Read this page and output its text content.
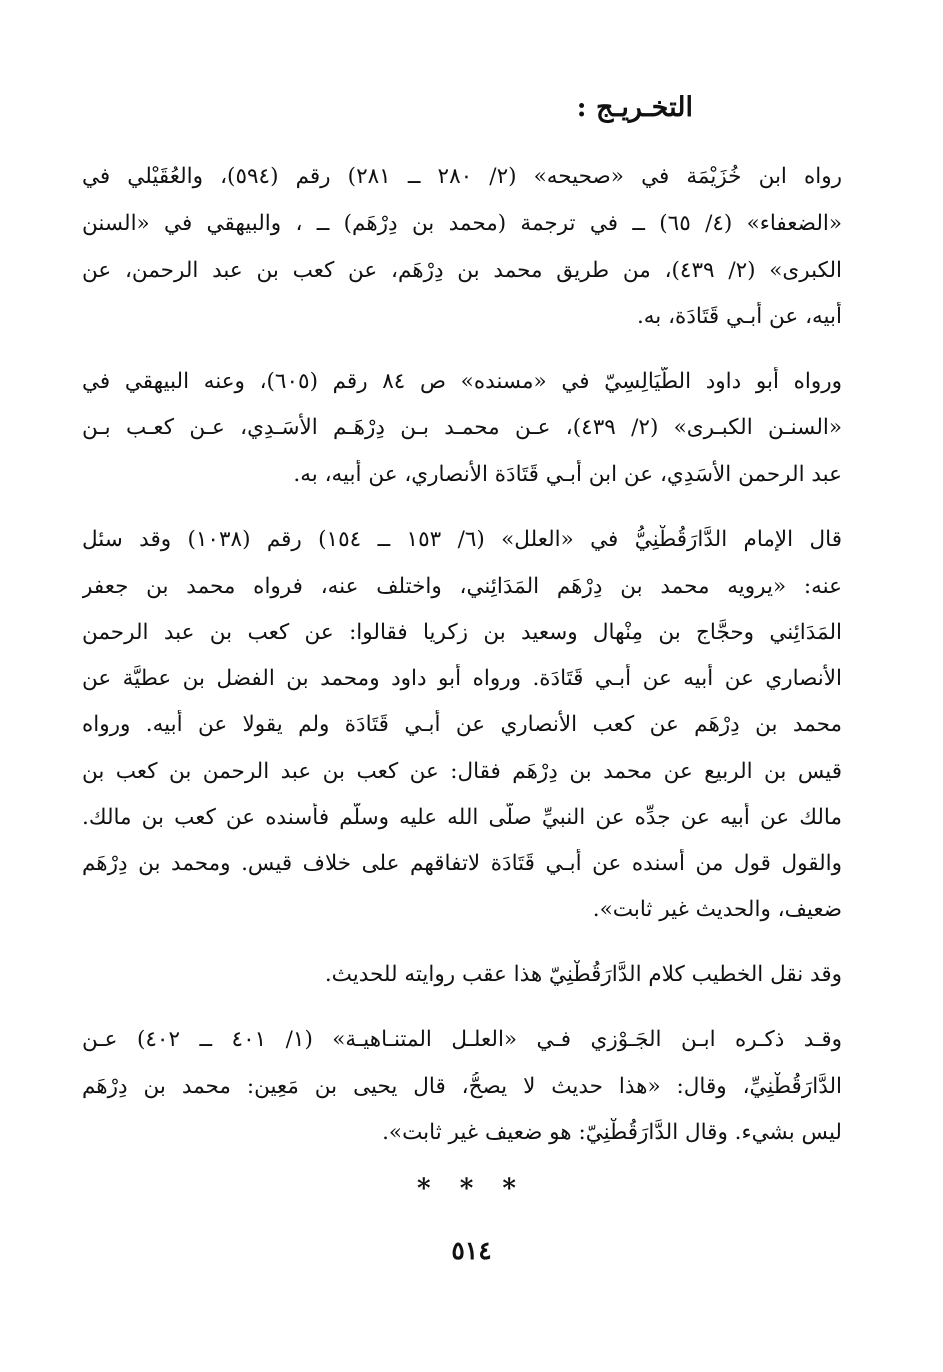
التخـريـج :
رواه ابن خُزَيْمَة في «صحيحه» (٢/ ٢٨٠ ــ ٢٨١) رقم (٥٩٤)، والعُقَيْلي في
«الضعفاء» (٤/ ٦٥) ــ في ترجمة (محمد بن دِرْهَم) ــ ، والبيهقي في «السنن
الكبرى» (٢/ ٤٣٩)، من طريق محمد بن دِرْهَم، عن كعب بن عبد الرحمن، عن
أبيه، عن أبـي قَتَادَة، به.
ورواه أبو داود الطَّيَالِسِيّ في «مسنده» ص ٨٤ رقم (٦٠٥)، وعنه البيهقي في
«السنـن الكبـرى» (٢/ ٤٣٩)، عـن محمـد بـن دِرْهَـم الأَسَـدِي، عـن كعـب بـن
عبد الرحمن الأَسَدِي، عن ابن أبـي قَتَادَة الأنصاري، عن أبيه، به.
قال الإمام الدَّارَقُطْنِيُّ في «العلل» (٦/ ١٥٣ ــ ١٥٤) رقم (١٠٣٨) وقد سئل
عنه: «يرويه محمد بن دِرْهَم المَدَائِني، واختلف عنه، فرواه محمد بن جعفر
المَدَائِني وحجَّاج بن مِنْهال وسعيد بن زكريا فقالوا: عن كعب بن عبد الرحمن
الأنصاري عن أبيه عن أبـي قَتَادَة. ورواه أبو داود ومحمد بن الفضل بن عطيَّة عن
محمد بن دِرْهَم عن كعب الأنصاري عن أبـي قَتَادَة ولم يقولا عن أبيه. ورواه
قيس بن الربيع عن محمد بن دِرْهَم فقال: عن كعب بن عبد الرحمن بن كعب بن
مالك عن أبيه عن جدِّه عن النبيِّ صلَّى الله عليه وسلَّم فأسنده عن كعب بن مالك.
والقول قول من أسنده عن أبـي قَتَادَة لاتفاقهم على خلاف قيس. ومحمد بن دِرْهَم
ضعيف، والحديث غير ثابت».
وقد نقل الخطيب كلام الدَّارَقُطْنِيّ هذا عقب روايته للحديث.
وقـد ذكـره ابـن الجَـوْزي فـي «العلـل المتنـاهيـة» (١/ ٤٠١ ــ ٤٠٢) عـن
الدَّارَقُطْنِيِّ، وقال: «هذا حديث لا يصحُّ، قال يحيى بن مَعِين: محمد بن دِرْهَم
ليس بشيء. وقال الدَّارَقُطْنِيّ: هو ضعيف غير ثابت».
* * *
٥١٤
